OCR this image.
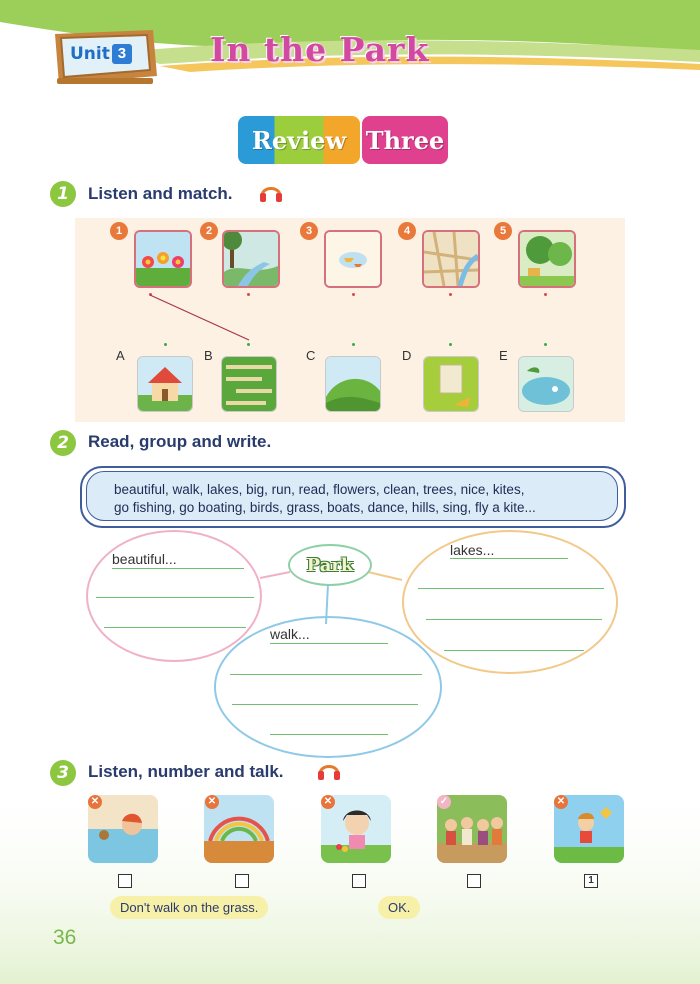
Unit 3	In the Park
Review Three
1	Listen and match.
1	2	3	4	5
A	B	C	D	E
2	Read, group and write.
beautiful, walk, lakes, big, run, read, flowers, clean, trees, nice, kites,
go fishing, go boating, birds, grass, boats, dance, hills, sing, fly a kite...
beautiful...
lakes...
walk...
Park
3	Listen, number and talk.
✕	✕	✕	✓	✕
1
Don't walk on the grass.	OK.
36
